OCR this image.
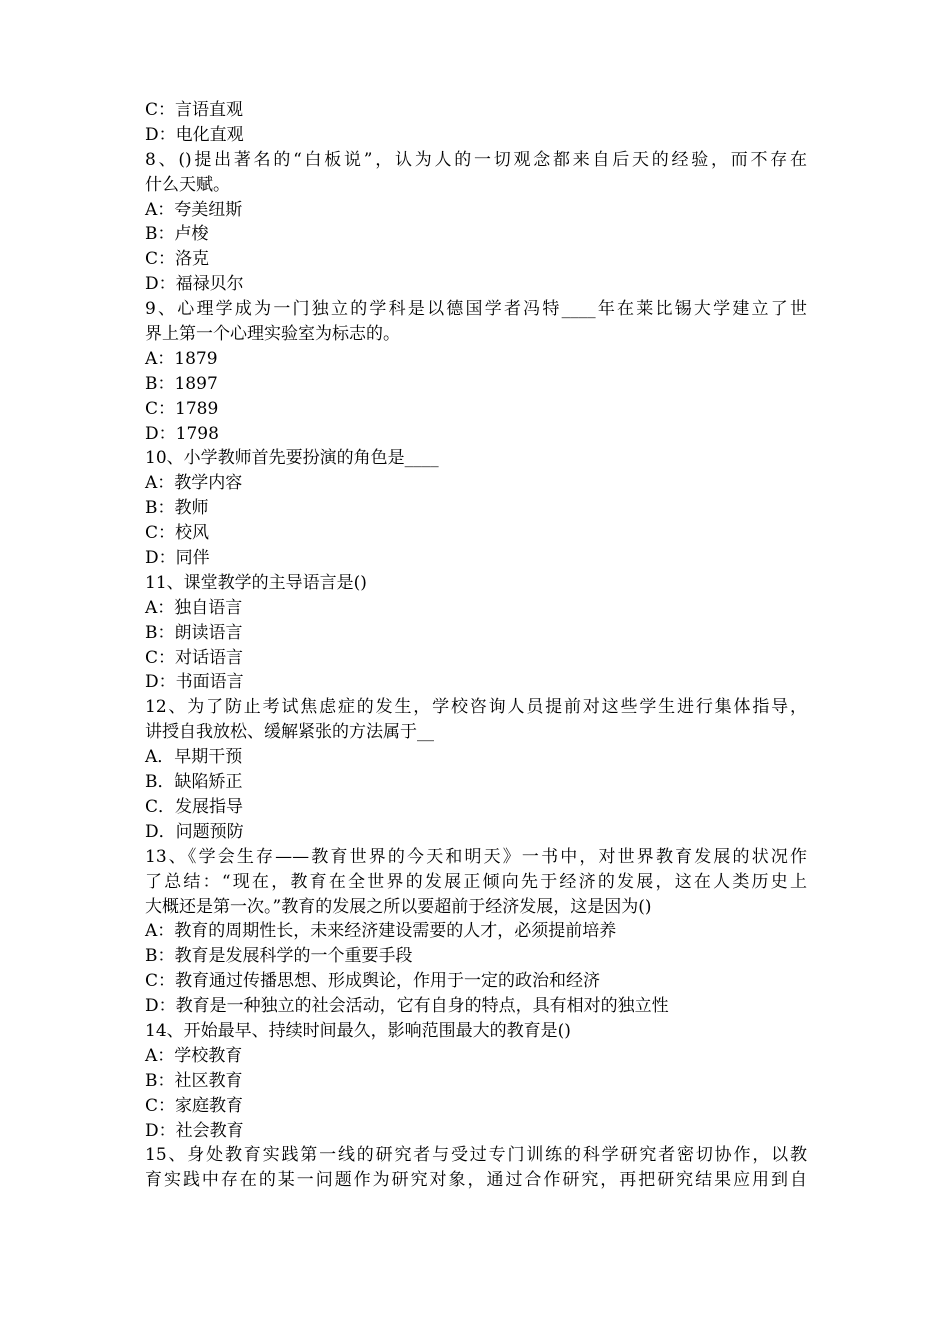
C：言语直观
D：电化直观
8、()提出著名的“白板说”，认为人的一切观念都来自后天的经验，而不存在
什么天赋。
A：夸美纽斯
B：卢梭
C：洛克
D：福禄贝尔
9、心理学成为一门独立的学科是以德国学者冯特____年在莱比锡大学建立了世
界上第一个心理实验室为标志的。
A：1879
B：1897
C：1789
D：1798
10、小学教师首先要扮演的角色是____
A：教学内容
B：教师
C：校风
D：同伴
11、课堂教学的主导语言是()
A：独自语言
B：朗读语言
C：对话语言
D：书面语言
12、为了防止考试焦虑症的发生，学校咨询人员提前对这些学生进行集体指导，
讲授自我放松、缓解紧张的方法属于__
A．早期干预
B．缺陷矫正
C．发展指导
D．问题预防
13、《学会生存——教育世界的今天和明天》一书中，对世界教育发展的状况作
了总结：“现在，教育在全世界的发展正倾向先于经济的发展，这在人类历史上
大概还是第一次。”教育的发展之所以要超前于经济发展，这是因为()
A：教育的周期性长，未来经济建设需要的人才，必须提前培养
B：教育是发展科学的一个重要手段
C：教育通过传播思想、形成舆论，作用于一定的政治和经济
D：教育是一种独立的社会活动，它有自身的特点，具有相对的独立性
14、开始最早、持续时间最久，影响范围最大的教育是()
A：学校教育
B：社区教育
C：家庭教育
D：社会教育
15、身处教育实践第一线的研究者与受过专门训练的科学研究者密切协作，以教
育实践中存在的某一问题作为研究对象，通过合作研究，再把研究结果应用到自
